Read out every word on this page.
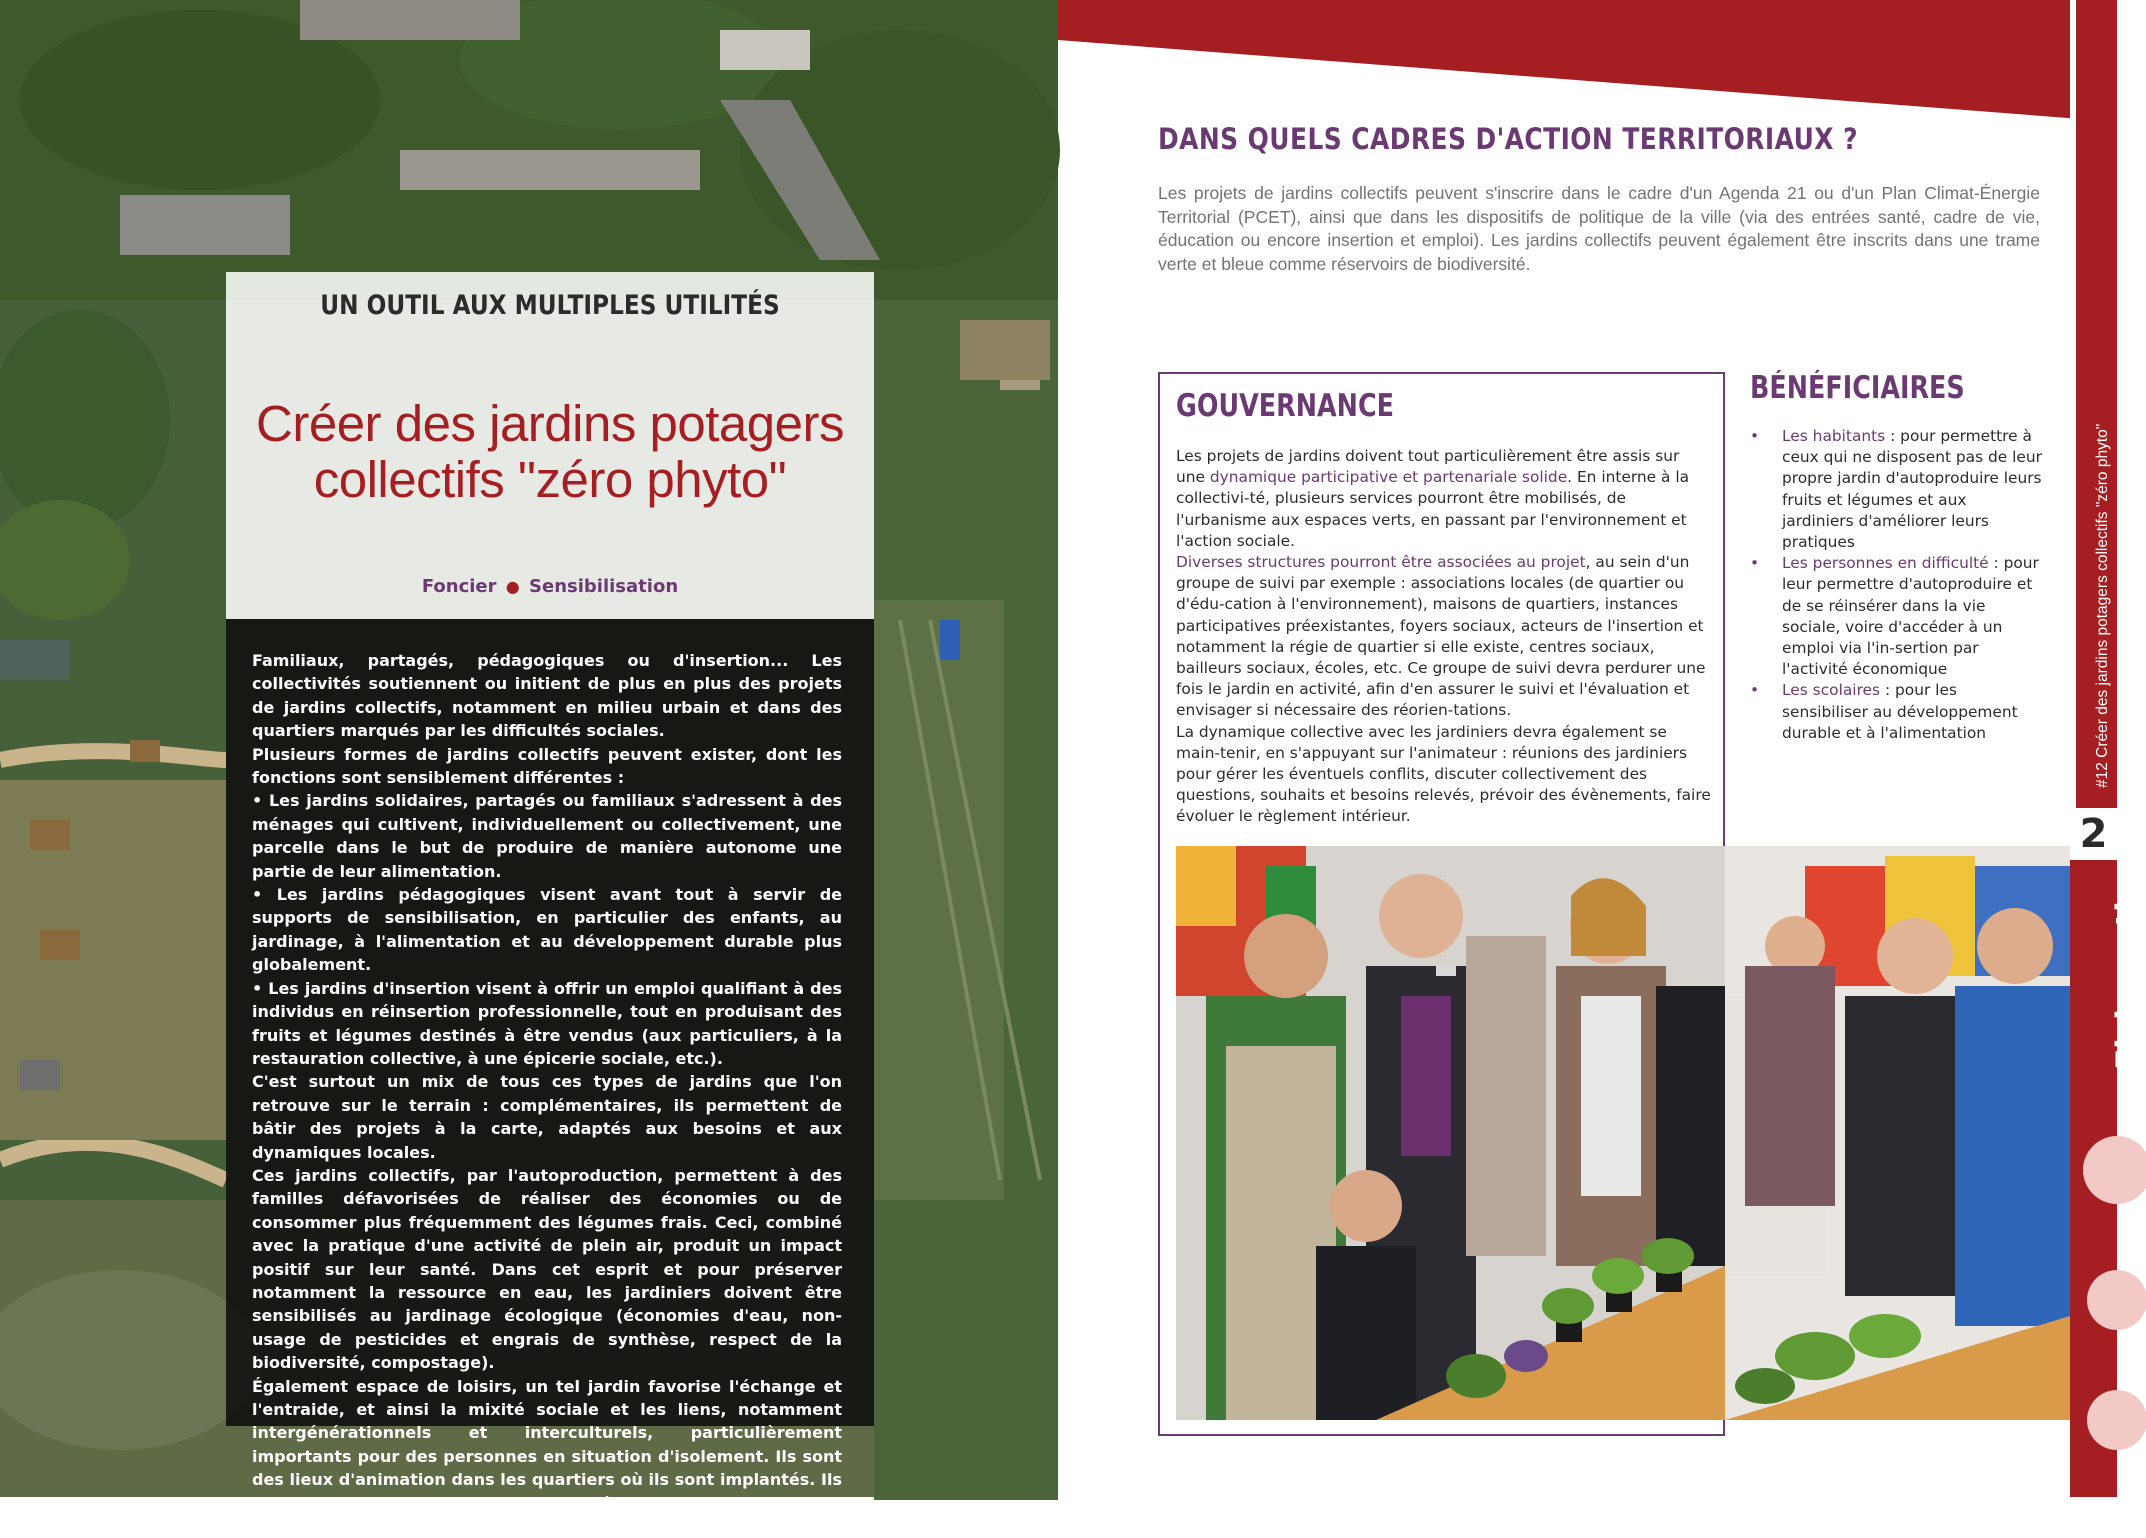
UN OUTIL AUX MULTIPLES UTILITÉS
Créer des jardins potagers
collectifs "zéro phyto"
Foncier ● Sensibilisation

Familiaux, partagés, pédagogiques ou d'insertion... Les collectivités soutiennent ou initient de plus en plus des projets de jardins collectifs, notamment en milieu urbain et dans des quartiers marqués par les difficultés sociales.

Plusieurs formes de jardins collectifs peuvent exister, dont les fonctions sont sensiblement différentes :

• Les jardins solidaires, partagés ou familiaux s'adressent à des ménages qui cultivent, individuellement ou collectivement, une parcelle dans le but de produire de manière autonome une partie de leur alimentation.

• Les jardins pédagogiques visent avant tout à servir de supports de sensibilisation, en particulier des enfants, au jardinage, à l'alimentation et au développement durable plus globalement.

• Les jardins d'insertion visent à offrir un emploi qualifiant à des individus en réinsertion professionnelle, tout en produisant des fruits et légumes destinés à être vendus (aux particuliers, à la restauration collective, à une épicerie sociale, etc.).

C'est surtout un mix de tous ces types de jardins que l'on retrouve sur le terrain : complémentaires, ils permettent de bâtir des projets à la carte, adaptés aux besoins et aux dynamiques locales.

Ces jardins collectifs, par l'autoproduction, permettent à des familles défavorisées de réaliser des économies ou de consommer plus fréquemment des légumes frais. Ceci, combiné avec la pratique d'une activité de plein air, produit un impact positif sur leur santé. Dans cet esprit et pour préserver notamment la ressource en eau, les jardiniers doivent être sensibilisés au jardinage écologique (économies d'eau, non-usage de pesticides et engrais de synthèse, respect de la biodiversité, compostage).

Également espace de loisirs, un tel jardin favorise l'échange et l'entraide, et ainsi la mixité sociale et les liens, notamment intergénérationnels et interculturels, particulièrement importants pour des personnes en situation d'isolement. Ils sont des lieux d'animation dans les quartiers où ils sont implantés. Ils remplissent aussi une fonction paysagère de "nature en ville" et éducative auprès de tous les publics, notamment les scolaires.

DANS QUELS CADRES D'ACTION TERRITORIAUX ?

Les projets de jardins collectifs peuvent s'inscrire dans le cadre d'un Agenda 21 ou d'un Plan Climat-Énergie Territorial (PCET), ainsi que dans les dispositifs de politique de la ville (via des entrées santé, cadre de vie, éducation ou encore insertion et emploi). Les jardins collectifs peuvent également être inscrits dans une trame verte et bleue comme réservoirs de biodiversité.

GOUVERNANCE

Les projets de jardins doivent tout particulièrement être assis sur une dynamique participative et partenariale solide. En interne à la collectivi-té, plusieurs services pourront être mobilisés, de l'urbanisme aux espaces verts, en passant par l'environnement et l'action sociale.

Diverses structures pourront être associées au projet, au sein d'un groupe de suivi par exemple : associations locales (de quartier ou d'édu-cation à l'environnement), maisons de quartiers, instances participatives préexistantes, foyers sociaux, acteurs de l'insertion et notamment la régie de quartier si elle existe, centres sociaux, bailleurs sociaux, écoles, etc. Ce groupe de suivi devra perdurer une fois le jardin en activité, afin d'en assurer le suivi et l'évaluation et envisager si nécessaire des réorien-tations.

La dynamique collective avec les jardiniers devra également se main-tenir, en s'appuyant sur l'animateur : réunions des jardiniers pour gérer les éventuels conflits, discuter collectivement des questions, souhaits et besoins relevés, prévoir des évènements, faire évoluer le règlement intérieur.

BÉNÉFICIAIRES
• Les habitants : pour permettre à ceux qui ne disposent pas de leur propre jardin d'autoproduire leurs fruits et légumes et aux jardiniers d'améliorer leurs pratiques
• Les personnes en difficulté : pour leur permettre d'autoproduire et de se réinsérer dans la vie sociale, voire d'accéder à un emploi via l'in-sertion par l'activité économique
• Les scolaires : pour les sensibiliser au développement durable et à l'alimentation	#12 Créer des jardins potagers collectifs "zéro phyto"
2
Fiche action
